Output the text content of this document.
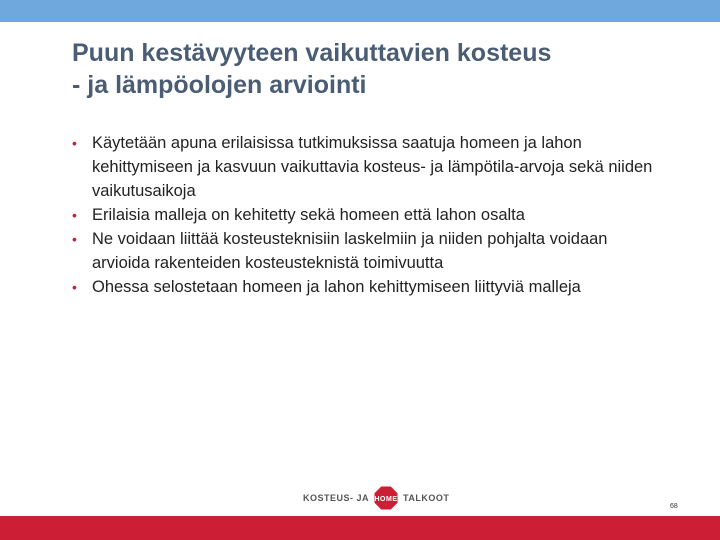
Puun kestävyyteen vaikuttavien kosteus
- ja lämpöolojen arviointi
• Käytetään apuna erilaisissa tutkimuksissa saatuja homeen ja lahon kehittymiseen ja kasvuun vaikuttavia kosteus- ja lämpötila-arvoja sekä niiden vaikutusaikoja
• Erilaisia malleja on kehitetty sekä homeen että lahon osalta
• Ne voidaan liittää kosteusteknisiin laskelmiin ja niiden pohjalta voidaan arvioida rakenteiden kosteusteknistä toimivuutta
• Ohessa selostetaan homeen ja lahon kehittymiseen liittyviä malleja
KOSTEUS- JA HOME TALKOOT
68
